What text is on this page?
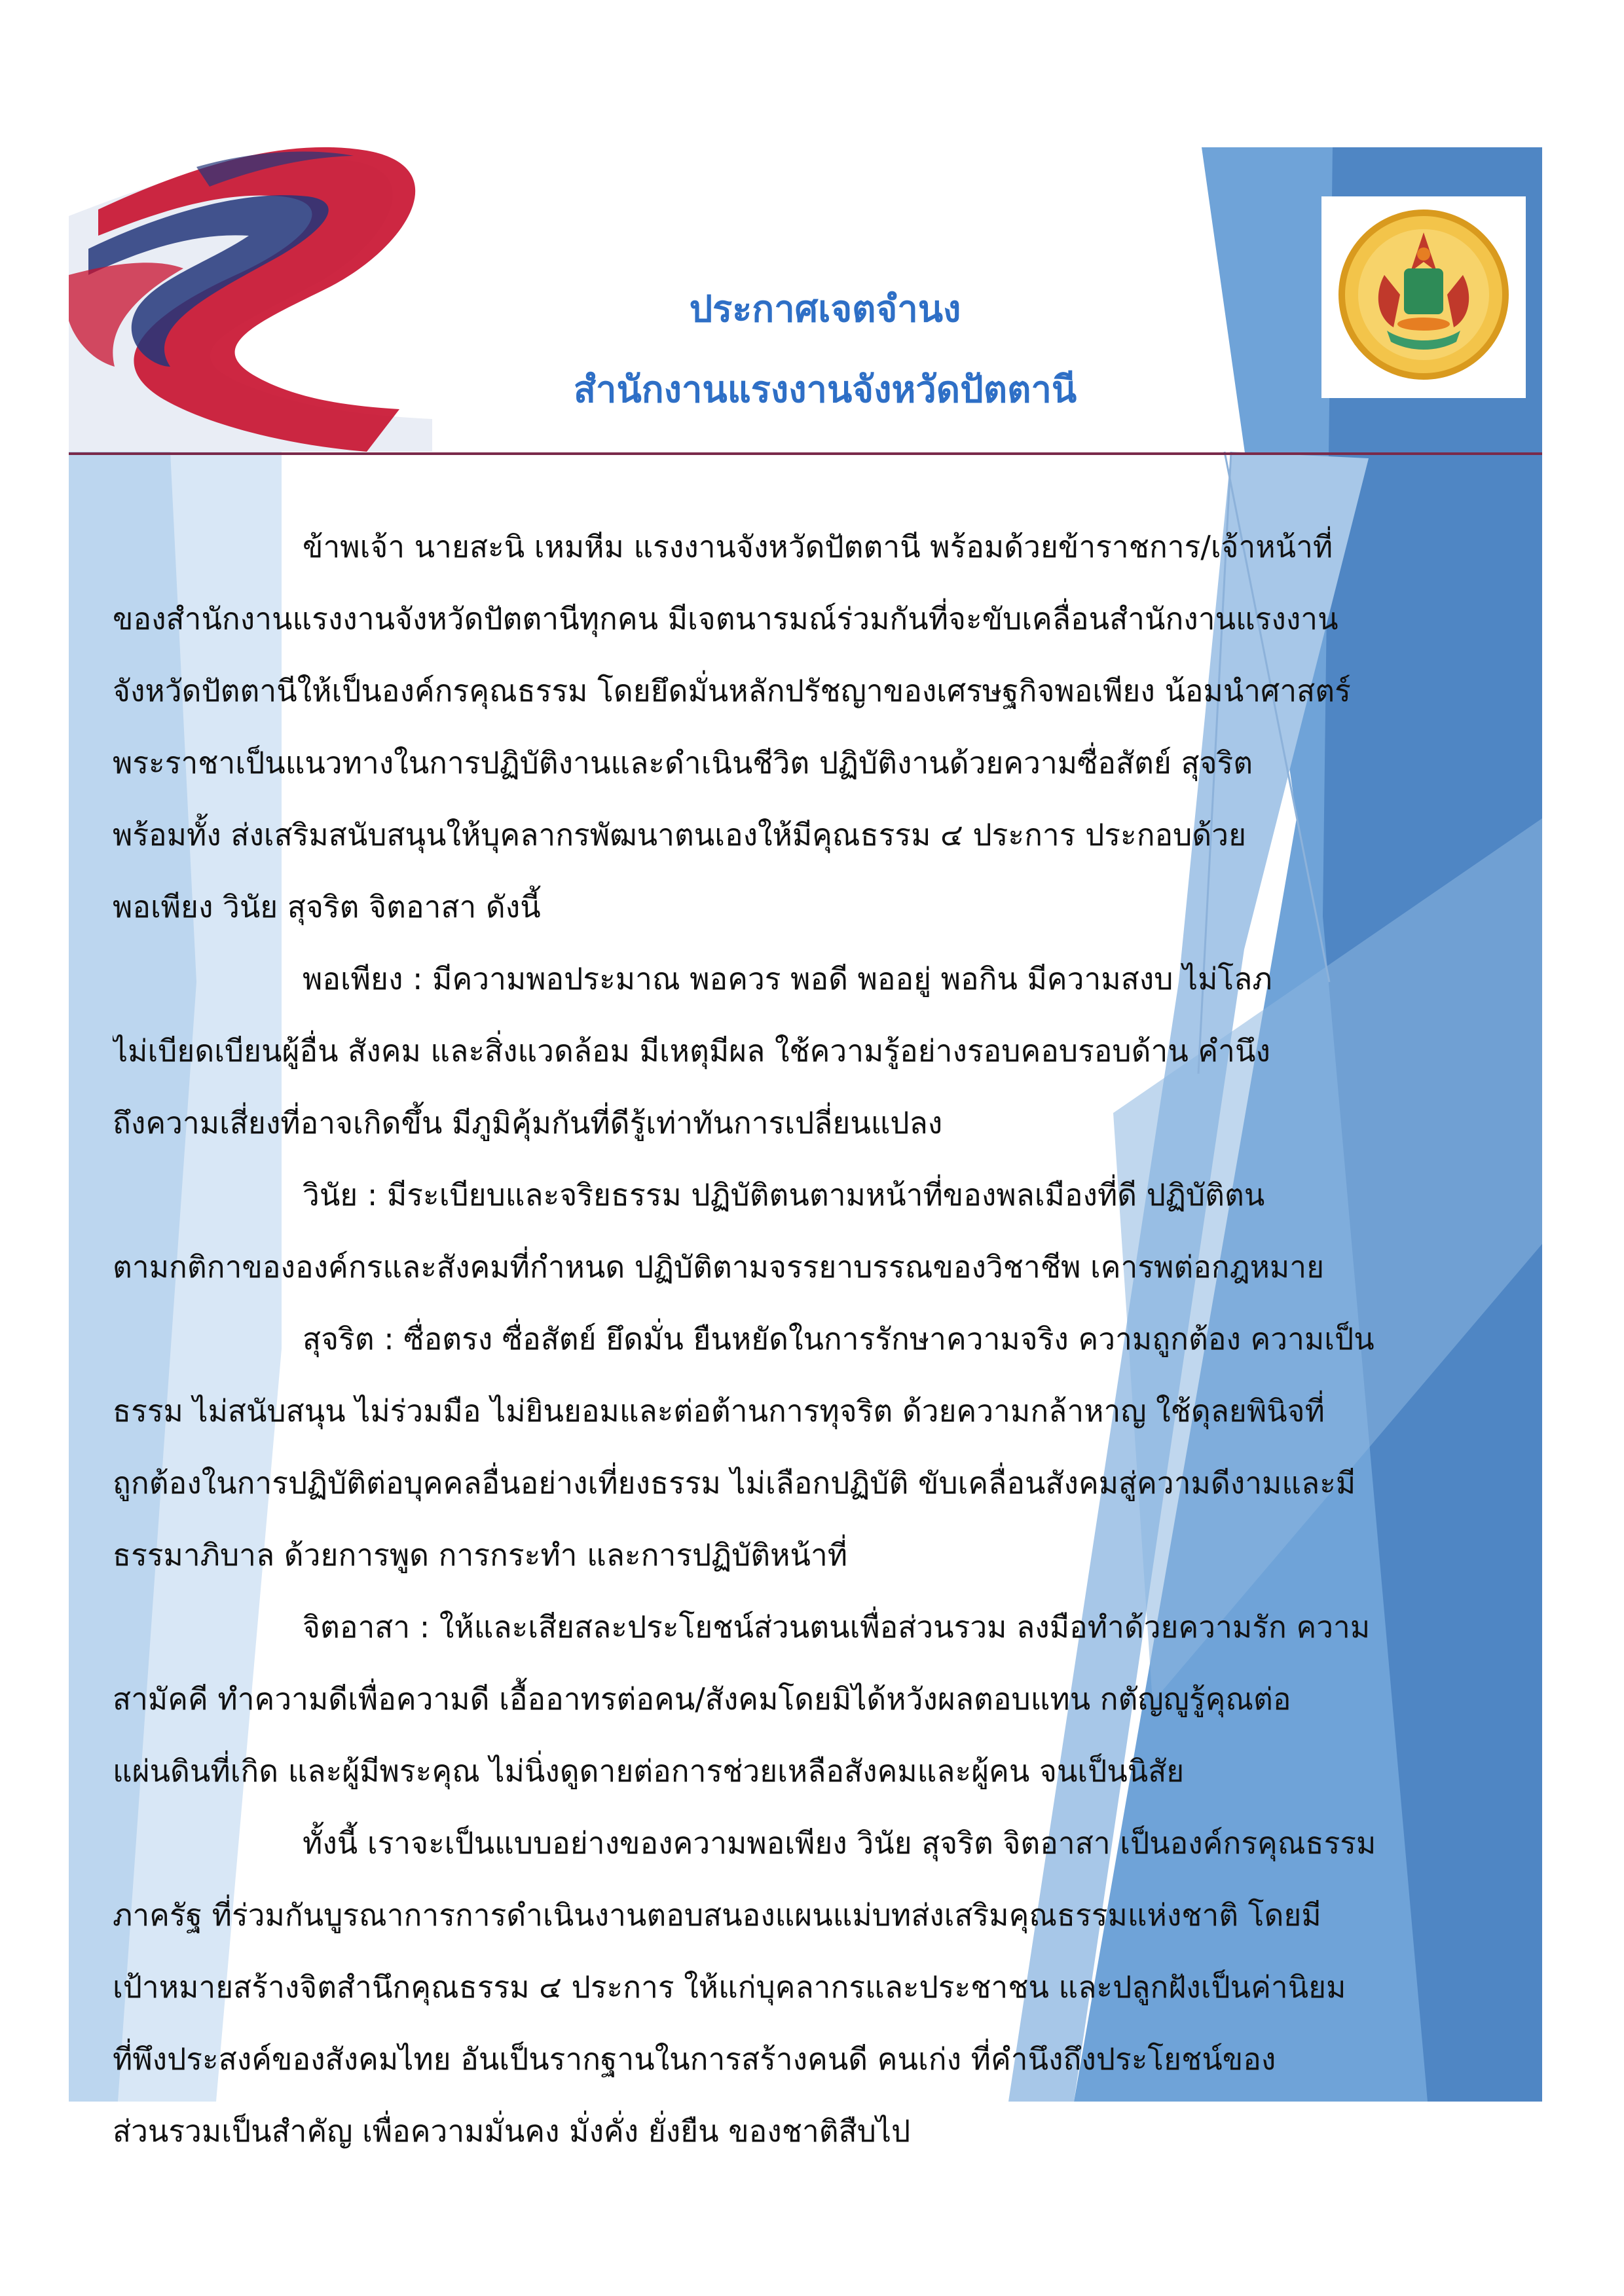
ประกาศเจตจำนง
สำนักงานแรงงานจังหวัดปัตตานี
ข้าพเจ้า นายสะนิ เหมหีม แรงงานจังหวัดปัตตานี พร้อมด้วยข้าราชการ/เจ้าหน้าที่
ของสำนักงานแรงงานจังหวัดปัตตานีทุกคน มีเจตนารมณ์ร่วมกันที่จะขับเคลื่อนสำนักงานแรงงาน
จังหวัดปัตตานีให้เป็นองค์กรคุณธรรม โดยยึดมั่นหลักปรัชญาของเศรษฐกิจพอเพียง น้อมนำศาสตร์
พระราชาเป็นแนวทางในการปฏิบัติงานและดำเนินชีวิต ปฏิบัติงานด้วยความซื่อสัตย์ สุจริต
พร้อมทั้ง ส่งเสริมสนับสนุนให้บุคลากรพัฒนาตนเองให้มีคุณธรรม ๔ ประการ ประกอบด้วย
พอเพียง วินัย สุจริต จิตอาสา ดังนี้
พอเพียง : มีความพอประมาณ พอควร พอดี พออยู่ พอกิน มีความสงบ ไม่โลภ
ไม่เบียดเบียนผู้อื่น สังคม และสิ่งแวดล้อม มีเหตุมีผล ใช้ความรู้อย่างรอบคอบรอบด้าน คำนึง
ถึงความเสี่ยงที่อาจเกิดขึ้น มีภูมิคุ้มกันที่ดีรู้เท่าทันการเปลี่ยนแปลง
วินัย : มีระเบียบและจริยธรรม ปฏิบัติตนตามหน้าที่ของพลเมืองที่ดี ปฏิบัติตน
ตามกติกาขององค์กรและสังคมที่กำหนด ปฏิบัติตามจรรยาบรรณของวิชาชีพ เคารพต่อกฎหมาย
สุจริต : ซื่อตรง ซื่อสัตย์ ยึดมั่น ยืนหยัดในการรักษาความจริง ความถูกต้อง ความเป็น
ธรรม ไม่สนับสนุน ไม่ร่วมมือ ไม่ยินยอมและต่อต้านการทุจริต ด้วยความกล้าหาญ ใช้ดุลยพินิจที่
ถูกต้องในการปฏิบัติต่อบุคคลอื่นอย่างเที่ยงธรรม ไม่เลือกปฏิบัติ ขับเคลื่อนสังคมสู่ความดีงามและมี
ธรรมาภิบาล ด้วยการพูด การกระทำ และการปฏิบัติหน้าที่
จิตอาสา : ให้และเสียสละประโยชน์ส่วนตนเพื่อส่วนรวม ลงมือทำด้วยความรัก ความ
สามัคคี ทำความดีเพื่อความดี เอื้ออาทรต่อคน/สังคมโดยมิได้หวังผลตอบแทน กตัญญูรู้คุณต่อ
แผ่นดินที่เกิด และผู้มีพระคุณ ไม่นิ่งดูดายต่อการช่วยเหลือสังคมและผู้คน จนเป็นนิสัย
ทั้งนี้ เราจะเป็นแบบอย่างของความพอเพียง วินัย สุจริต จิตอาสา เป็นองค์กรคุณธรรม
ภาครัฐ ที่ร่วมกันบูรณาการการดำเนินงานตอบสนองแผนแม่บทส่งเสริมคุณธรรมแห่งชาติ โดยมี
เป้าหมายสร้างจิตสำนึกคุณธรรม ๔ ประการ ให้แก่บุคลากรและประชาชน และปลูกฝังเป็นค่านิยม
ที่พึงประสงค์ของสังคมไทย อันเป็นรากฐานในการสร้างคนดี คนเก่ง ที่คำนึงถึงประโยชน์ของ
ส่วนรวมเป็นสำคัญ เพื่อความมั่นคง มั่งคั่ง ยั่งยืน ของชาติสืบไป
